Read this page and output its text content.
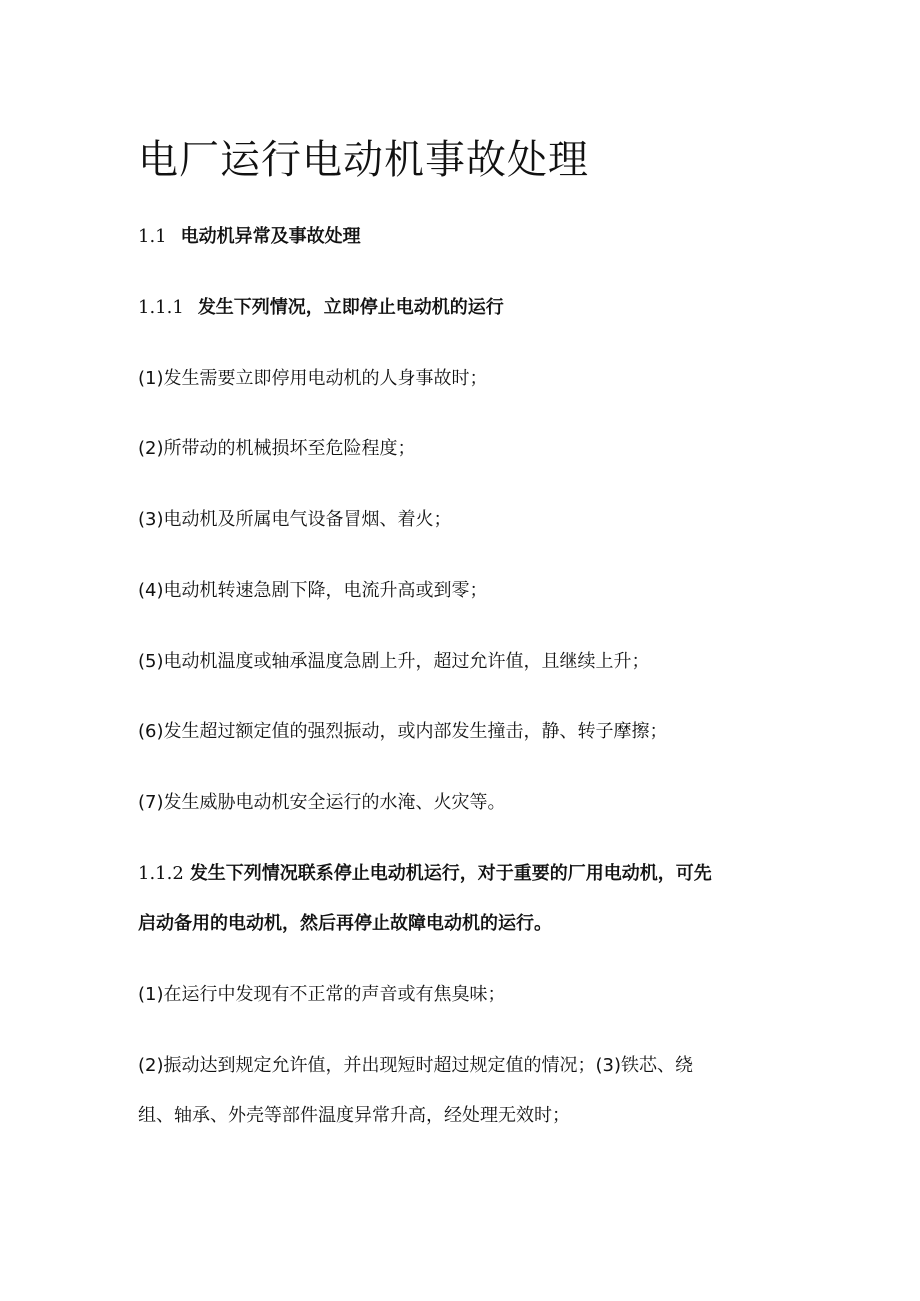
电厂运行电动机事故处理

1.1 电动机异常及事故处理

1.1.1 发生下列情况，立即停止电动机的运行

(1)发生需要立即停用电动机的人身事故时；

(2)所带动的机械损坏至危险程度；

(3)电动机及所属电气设备冒烟、着火；

(4)电动机转速急剧下降，电流升高或到零；

(5)电动机温度或轴承温度急剧上升，超过允许值，且继续上升；

(6)发生超过额定值的强烈振动，或内部发生撞击，静、转子摩擦；

(7)发生威胁电动机安全运行的水淹、火灾等。

1.1.2 发生下列情况联系停止电动机运行，对于重要的厂用电动机，可先

启动备用的电动机，然后再停止故障电动机的运行。

(1)在运行中发现有不正常的声音或有焦臭味；

(2)振动达到规定允许值，并出现短时超过规定值的情况；(3)铁芯、绕

组、轴承、外壳等部件温度异常升高，经处理无效时；
